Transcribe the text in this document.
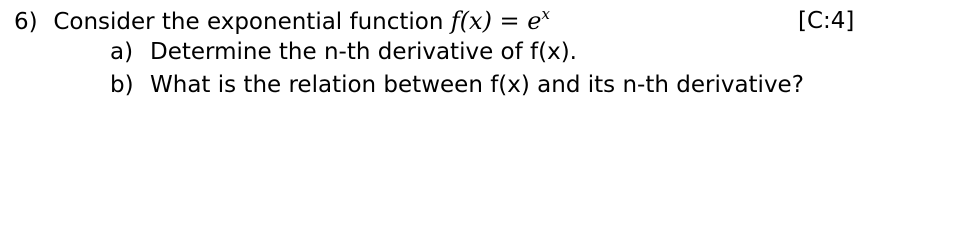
6) Consider the exponential function $f(x) = e^x$	[C:4]
a) Determine the n-th derivative of f(x).
b) What is the relation between f(x) and its n-th derivative?
